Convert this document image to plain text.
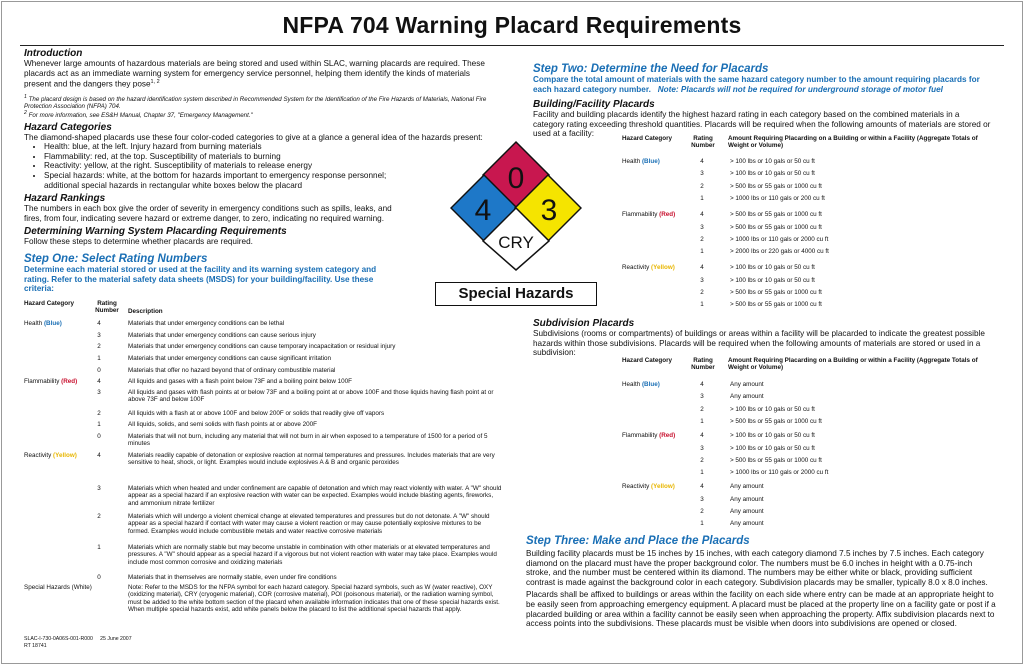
NFPA 704 Warning Placard Requirements

Introduction

Whenever large amounts of hazardous materials are being stored and used within SLAC, warning placards are required. These placards act as an immediate warning system for emergency service personnel, helping them identify the kinds of materials present and the dangers they pose$^{1, 2}$

$^1$ The placard design is based on the hazard identification system described in Recommended System for the Identification of the Fire Hazards of Materials, National Fire Protection Association (NFPA) 704.

$^2$ For more information, see ES&H Manual, Chapter 37, "Emergency Management."

Hazard Categories

The diamond-shaped placards use these four color-coded categories to give at a glance a general idea of the hazards present:

• Health: blue, at the left. Injury hazard from burning materials
• Flammability: red, at the top. Susceptibility of materials to burning
• Reactivity: yellow, at the right. Susceptibility of materials to release energy
• Special hazards: white, at the bottom for hazards important to emergency response personnel; additional special hazards in rectangular white boxes below the placard

Hazard Rankings

The numbers in each box give the order of severity in emergency conditions such as spills, leaks, and fires, from four, indicating severe hazard or extreme danger, to zero, indicating no required warning.

Determining Warning System Placarding Requirements

Follow these steps to determine whether placards are required.

Step One: Select Rating Numbers

Determine each material stored or used at the facility and its warning system category and rating. Refer to the material safety data sheets (MSDS) for your building/facility. Use these criteria:

Hazard Category	Rating Number	Description
Health (Blue)	4	Materials that under emergency conditions can be lethal
3	Materials that under emergency conditions can cause serious injury
2	Materials that under emergency conditions can cause temporary incapacitation or residual injury
1	Materials that under emergency conditions can cause significant irritation
0	Materials that offer no hazard beyond that of ordinary combustible material
Flammability (Red)	4	All liquids and gases with a flash point below 73F and a boiling point below 100F
3	All liquids and gases with flash points at or below 73F and a boiling point at or above 100F and those liquids having flash point at or above 73F and below 100F
2	All liquids with a flash at or above 100F and below 200F or solids that readily give off vapors
1	All liquids, solids, and semi solids with flash points at or above 200F
0	Materials that will not burn, including any material that will not burn in air when exposed to a temperature of 1500 for a period of 5 minutes
Reactivity (Yellow)	4	Materials readily capable of detonation or explosive reaction at normal temperatures and pressures. Includes materials that are very sensitive to heat, shock, or light. Examples would include explosives A & B and organic peroxides
3	Materials which when heated and under confinement are capable of detonation and which may react violently with water. A "W" should appear as a special hazard if an explosive reaction with water can be expected. Examples would include blasting agents, fireworks, and ammonium nitrate fertilizer
2	Materials which will undergo a violent chemical change at elevated temperatures and pressures but do not detonate. A "W" should appear as a special hazard if contact with water may cause a violent reaction or may cause potentially explosive mixtures to be formed. Examples would include combustible metals and water reactive corrosive materials
1	Materials which are normally stable but may become unstable in combination with other materials or at elevated temperatures and pressures. A "W" should appear as a special hazard if a vigorous but not violent reaction with water may take place. Examples would include most common corrosive and oxidizing materials
0	Materials that in themselves are normally stable, even under fire conditions
Special Hazards (White)	Note: Refer to the MSDS for the NFPA symbol for each hazard category. Special hazard symbols, such as W (water reactive), OXY (oxidizing material), CRY (cryogenic material), COR (corrosive material), POI (poisonous material), or the radiation warning symbol, must be added to the white bottom section of the placard when available information indicates that one of these special hazards exist. When multiple special hazards exist, add white panels below the placard to list the additional special hazards that apply.
0
4 3
CRY
Special Hazards

Step Two: Determine the Need for Placards

Compare the total amount of materials with the same hazard category number to the amount requiring placards for each hazard category number. Note: Placards will not be required for underground storage of motor fuel

Building/Facility Placards

Facility and building placards identify the highest hazard rating in each category based on the combined materials in a category rating exceeding threshold quantities. Placards will be required when the following amounts of materials are stored or used at a facility:

Hazard Category	Rating Number
Amount Requiring Placarding on a Building or within a Facility (Aggregate Totals of Weight or Volume)
Health (Blue)	4	> 100 lbs or 10 gals or 50 cu ft
3	> 100 lbs or 10 gals or 50 cu ft
2	> 500 lbs or 55 gals or 1000 cu ft
1	> 1000 lbs or 110 gals or 200 cu ft
Flammability (Red)	4	> 500 lbs or 55 gals or 1000 cu ft
3	> 500 lbs or 55 gals or 1000 cu ft
2	> 1000 lbs or 110 gals or 2000 cu ft
1	> 2000 lbs or 220 gals or 4000 cu ft
Reactivity (Yellow)	4	> 100 lbs or 10 gals or 50 cu ft
3	> 100 lbs or 10 gals or 50 cu ft
2	> 500 lbs or 55 gals or 1000 cu ft
1	> 500 lbs or 55 gals or 1000 cu ft

Subdivision Placards

Subdivisions (rooms or compartments) of buildings or areas within a facility will be placarded to indicate the greatest possible hazards within those subdivisions. Placards will be required when the following amounts of materials are stored or used in a subdivision:

Hazard Category	Rating Number
Amount Requiring Placarding on a Building or within a Facility (Aggregate Totals of Weight or Volume)
Health (Blue)	4	Any amount
3	Any amount
2	> 100 lbs or 10 gals or 50 cu ft
1	> 500 lbs or 55 gals or 1000 cu ft
Flammability (Red)	4	> 100 lbs or 10 gals or 50 cu ft
3	> 100 lbs or 10 gals or 50 cu ft
2	> 500 lbs or 55 gals or 1000 cu ft
1	> 1000 lbs or 110 gals or 2000 cu ft
Reactivity (Yellow)	4	Any amount
3	Any amount
2	Any amount
1	Any amount

Step Three: Make and Place the Placards

Building facility placards must be 15 inches by 15 inches, with each category diamond 7.5 inches by 7.5 inches. Each category diamond on the placard must have the proper background color. The numbers must be 6.0 inches in height with a 0.75-inch stroke, and the number must be centered within its diamond. The numbers may be either white or black, providing sufficient contrast is made against the background color in each category. Subdivision placards may be smaller, typically 8.0 x 8.0 inches.

Placards shall be affixed to buildings or areas within the facility on each side where entry can be made at an appropriate height to be easily seen from approaching emergency equipment. A placard must be placed at the property line on a facility gate or post if a placarded building or area within a facility cannot be easily seen when approaching the property. Affix subdivision placards next to access points into the subdivisions. These placards must be visible when doors into subdivisions are opened or closed.

SLAC-I-730-0A06S-001-R000 25 June 2007
RT 18741
